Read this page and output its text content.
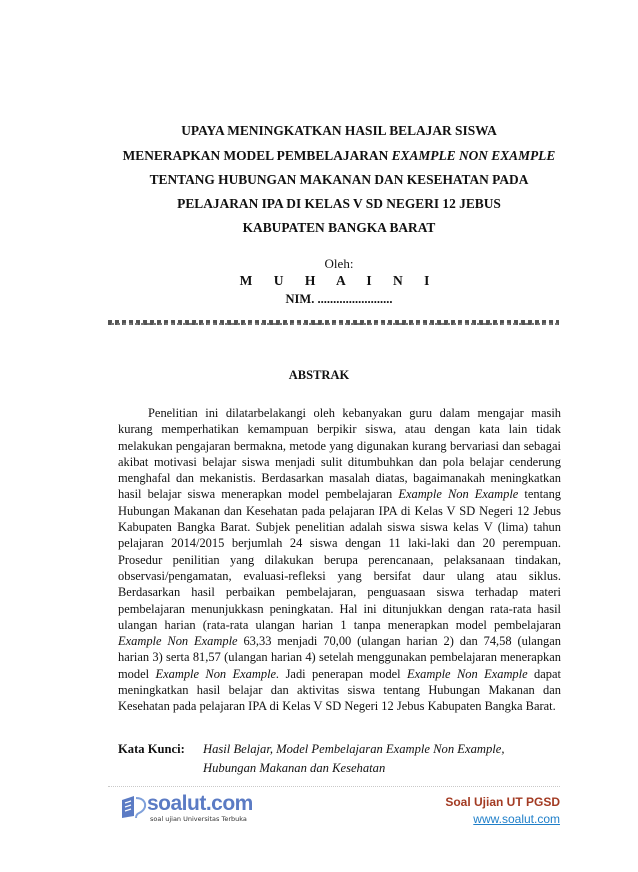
UPAYA MENINGKATKAN HASIL BELAJAR SISWA
MENERAPKAN MODEL PEMBELAJARAN EXAMPLE NON EXAMPLE
TENTANG HUBUNGAN MAKANAN DAN KESEHATAN PADA
PELAJARAN IPA DI KELAS V SD NEGERI 12 JEBUS
KABUPATEN BANGKA BARAT
Oleh:
M U H A I N I
NIM. ........................
ABSTRAK

Penelitian ini dilatarbelakangi oleh kebanyakan guru dalam mengajar masih kurang memperhatikan kemampuan berpikir siswa, atau dengan kata lain tidak melakukan pengajaran bermakna, metode yang digunakan kurang bervariasi dan sebagai akibat motivasi belajar siswa menjadi sulit ditumbuhkan dan pola belajar cenderung menghafal dan mekanistis. Berdasarkan masalah diatas, bagaimanakah meningkatkan hasil belajar siswa menerapkan model pembelajaran Example Non Example tentang Hubungan Makanan dan Kesehatan pada pelajaran IPA di Kelas V SD Negeri 12 Jebus Kabupaten Bangka Barat. Subjek penelitian adalah siswa siswa kelas V (lima) tahun pelajaran 2014/2015 berjumlah 24 siswa dengan 11 laki-laki dan 20 perempuan. Prosedur penilitian yang dilakukan berupa perencanaan, pelaksanaan tindakan, observasi/pengamatan, evaluasi-refleksi yang bersifat daur ulang atau siklus. Berdasarkan hasil perbaikan pembelajaran, penguasaan siswa terhadap materi pembelajaran menunjukkasn peningkatan. Hal ini ditunjukkan dengan rata-rata hasil ulangan harian (rata-rata ulangan harian 1 tanpa menerapkan model pembelajaran Example Non Example 63,33 menjadi 70,00 (ulangan harian 2) dan 74,58 (ulangan harian 3) serta 81,57 (ulangan harian 4) setelah menggunakan pembelajaran menerapkan model Example Non Example. Jadi penerapan model Example Non Example dapat meningkatkan hasil belajar dan aktivitas siswa tentang Hubungan Makanan dan Kesehatan pada pelajaran IPA di Kelas V SD Negeri 12 Jebus Kabupaten Bangka Barat.

Kata Kunci: Hasil Belajar, Model Pembelajaran Example Non Example,
Hubungan Makanan dan Kesehatan
soalut.com
soal ujian Universitas Terbuka
Soal Ujian UT PGSD
www.soalut.com
